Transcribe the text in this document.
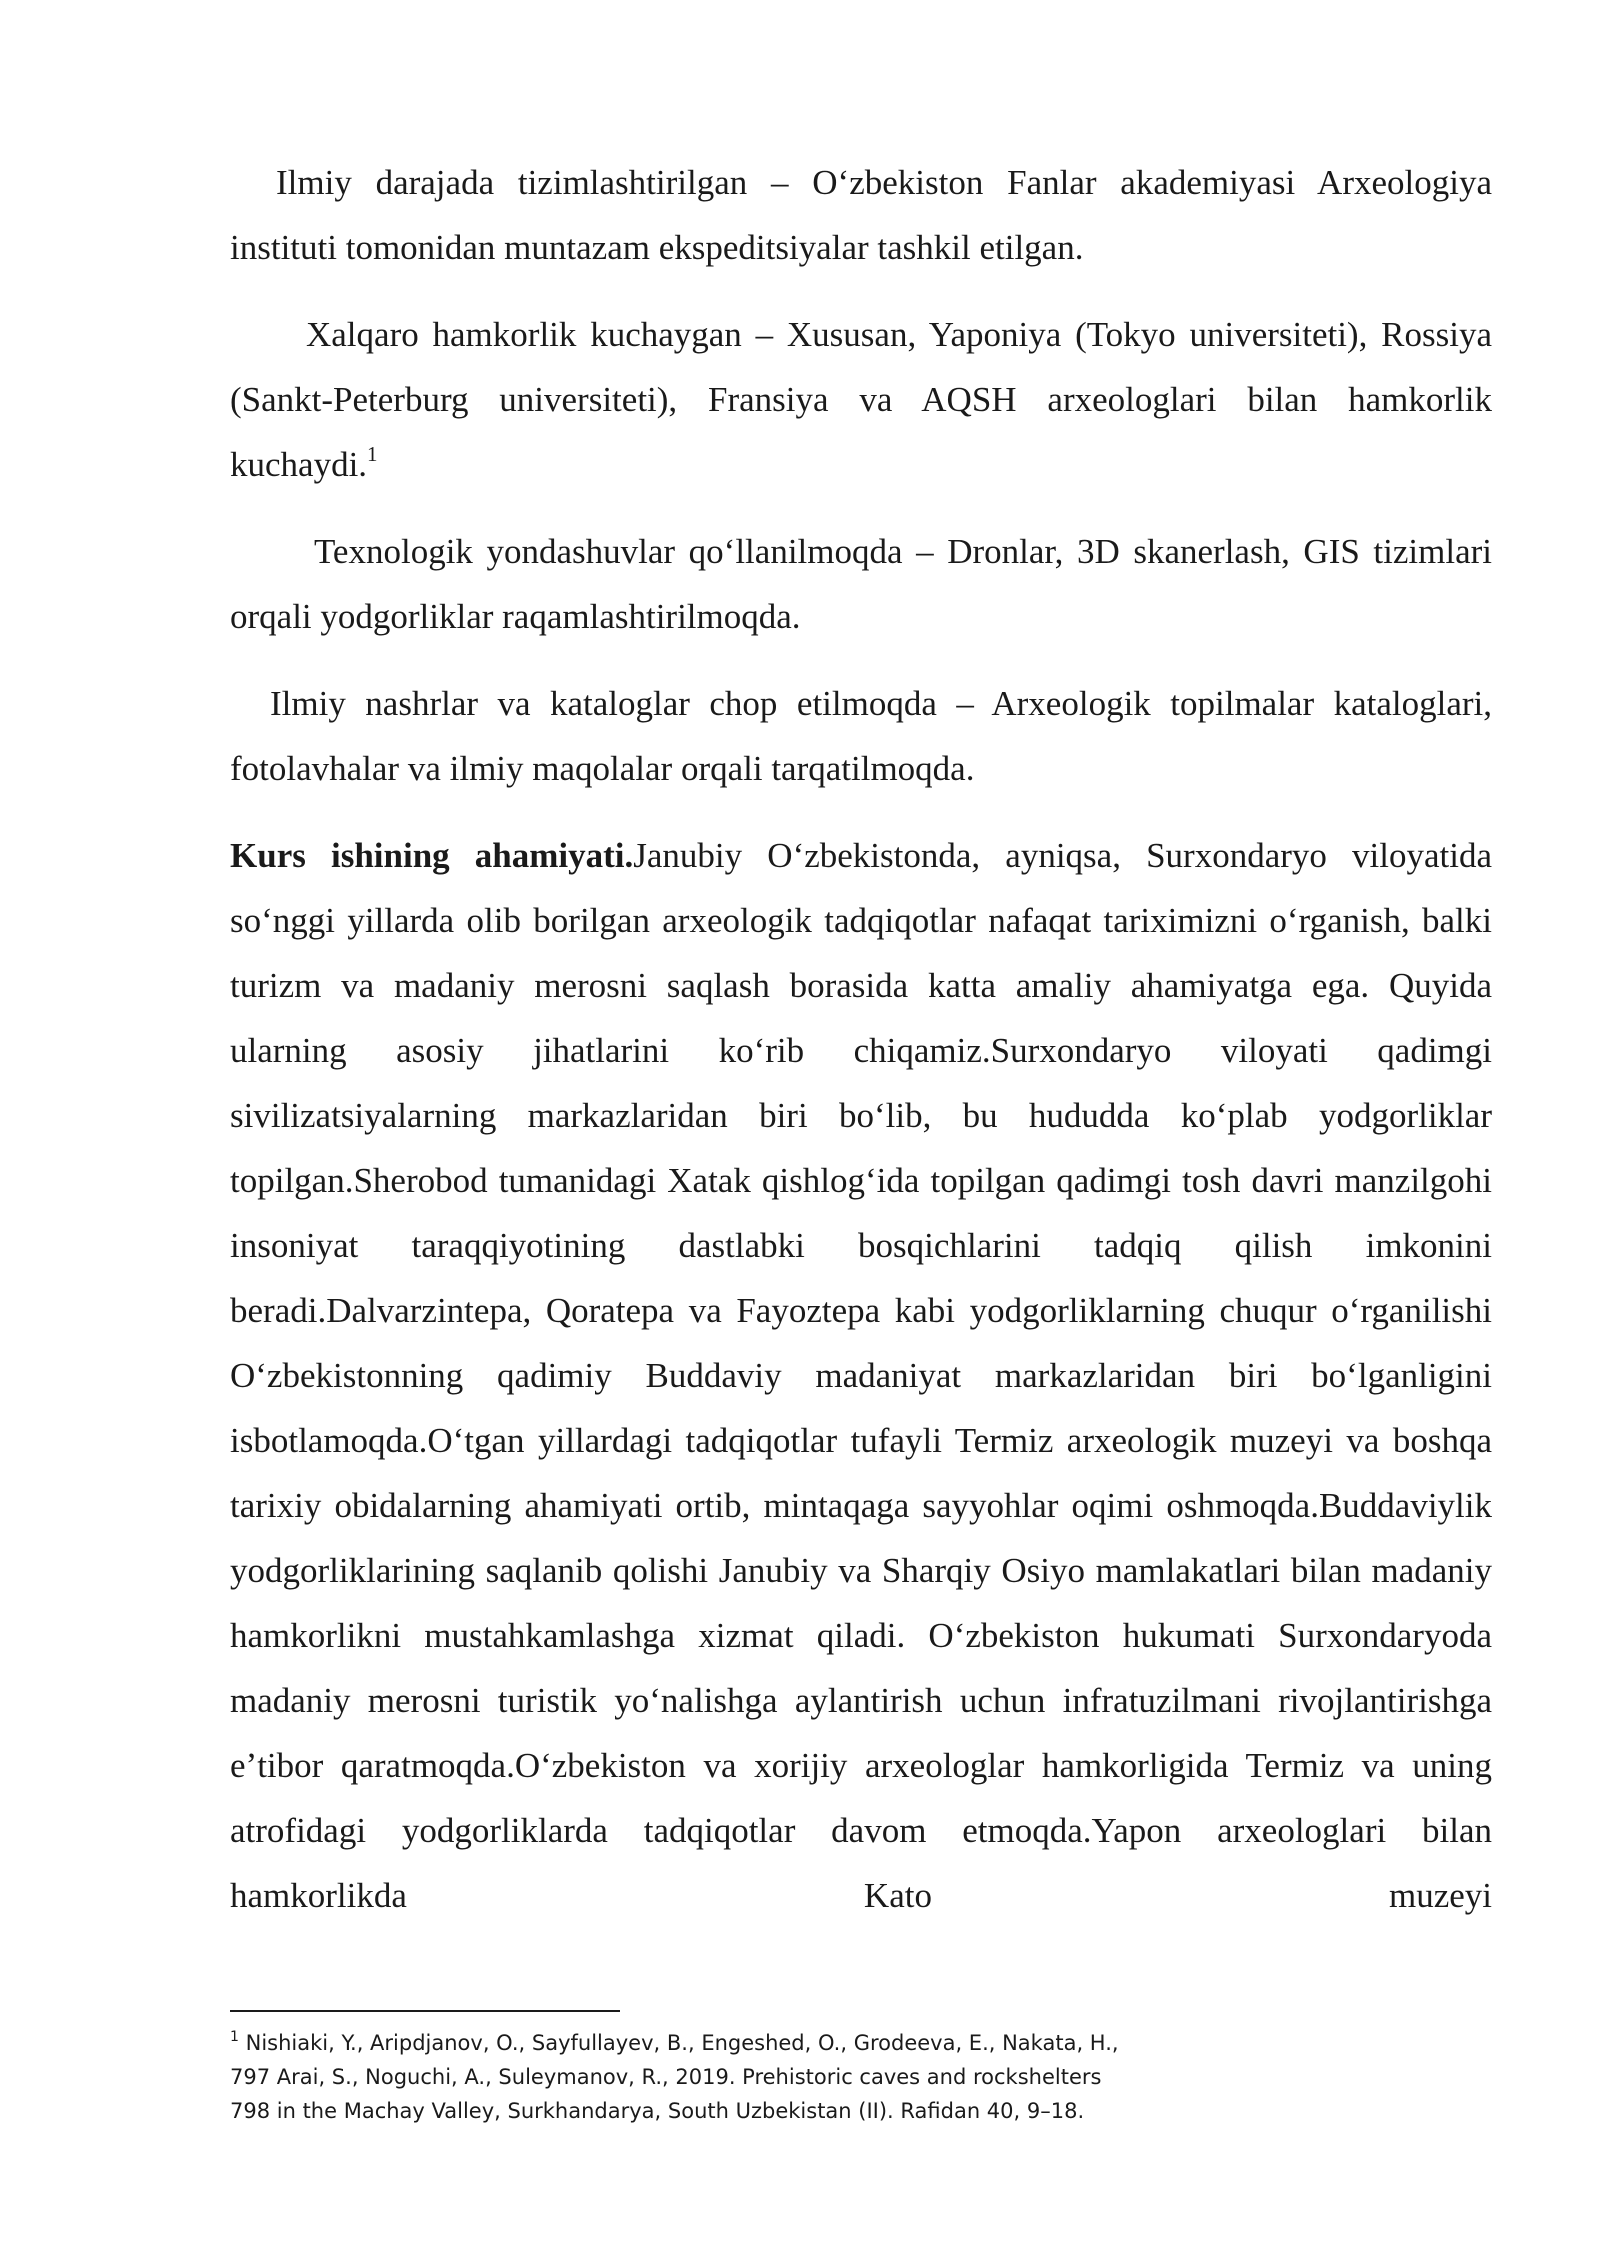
Ilmiy darajada tizimlashtirilgan – Oʻzbekiston Fanlar akademiyasi Arxeologiya instituti tomonidan muntazam ekspeditsiyalar tashkil etilgan.

Xalqaro hamkorlik kuchaygan – Xususan, Yaponiya (Tokyo universiteti), Rossiya (Sankt-Peterburg universiteti), Fransiya va AQSH arxeologlari bilan hamkorlik kuchaydi.$^1$

Texnologik yondashuvlar qoʻllanilmoqda – Dronlar, 3D skanerlash, GIS tizimlari orqali yodgorliklar raqamlashtirilmoqda.

Ilmiy nashrlar va kataloglar chop etilmoqda – Arxeologik topilmalar kataloglari, fotolavhalar va ilmiy maqolalar orqali tarqatilmoqda.

Kurs ishining ahamiyati.Janubiy Oʻzbekistonda, ayniqsa, Surxondaryo viloyatida soʻnggi yillarda olib borilgan arxeologik tadqiqotlar nafaqat tariximizni oʻrganish, balki turizm va madaniy merosni saqlash borasida katta amaliy ahamiyatga ega. Quyida ularning asosiy jihatlarini koʻrib chiqamiz.Surxondaryo viloyati qadimgi sivilizatsiyalarning markazlaridan biri boʻlib, bu hududda koʻplab yodgorliklar topilgan.Sherobod tumanidagi Xatak qishlogʻida topilgan qadimgi tosh davri manzilgohi insoniyat taraqqiyotining dastlabki bosqichlarini tadqiq qilish imkonini beradi.Dalvarzintepa, Qoratepa va Fayoztepa kabi yodgorliklarning chuqur oʻrganilishi Oʻzbekistonning qadimiy Buddaviy madaniyat markazlaridan biri boʻlganligini isbotlamoqda.Oʻtgan yillardagi tadqiqotlar tufayli Termiz arxeologik muzeyi va boshqa tarixiy obidalarning ahamiyati ortib, mintaqaga sayyohlar oqimi oshmoqda.Buddaviylik yodgorliklarining saqlanib qolishi Janubiy va Sharqiy Osiyo mamlakatlari bilan madaniy hamkorlikni mustahkamlashga xizmat qiladi. Oʻzbekiston hukumati Surxondaryoda madaniy merosni turistik yoʻnalishga aylantirish uchun infratuzilmani rivojlantirishga eʼtibor qaratmoqda.Oʻzbekiston va xorijiy arxeologlar hamkorligida Termiz va uning atrofidagi yodgorliklarda tadqiqotlar davom etmoqda.Yapon arxeologlari bilan hamkorlikda Kato muzeyi

$^1$ Nishiaki, Y., Aripdjanov, O., Sayfullayev, B., Engeshed, O., Grodeeva, E., Nakata, H.,
797 Arai, S., Noguchi, A., Suleymanov, R., 2019. Prehistoric caves and rockshelters
798 in the Machay Valley, Surkhandarya, South Uzbekistan (II). Rafidan 40, 9–18.
